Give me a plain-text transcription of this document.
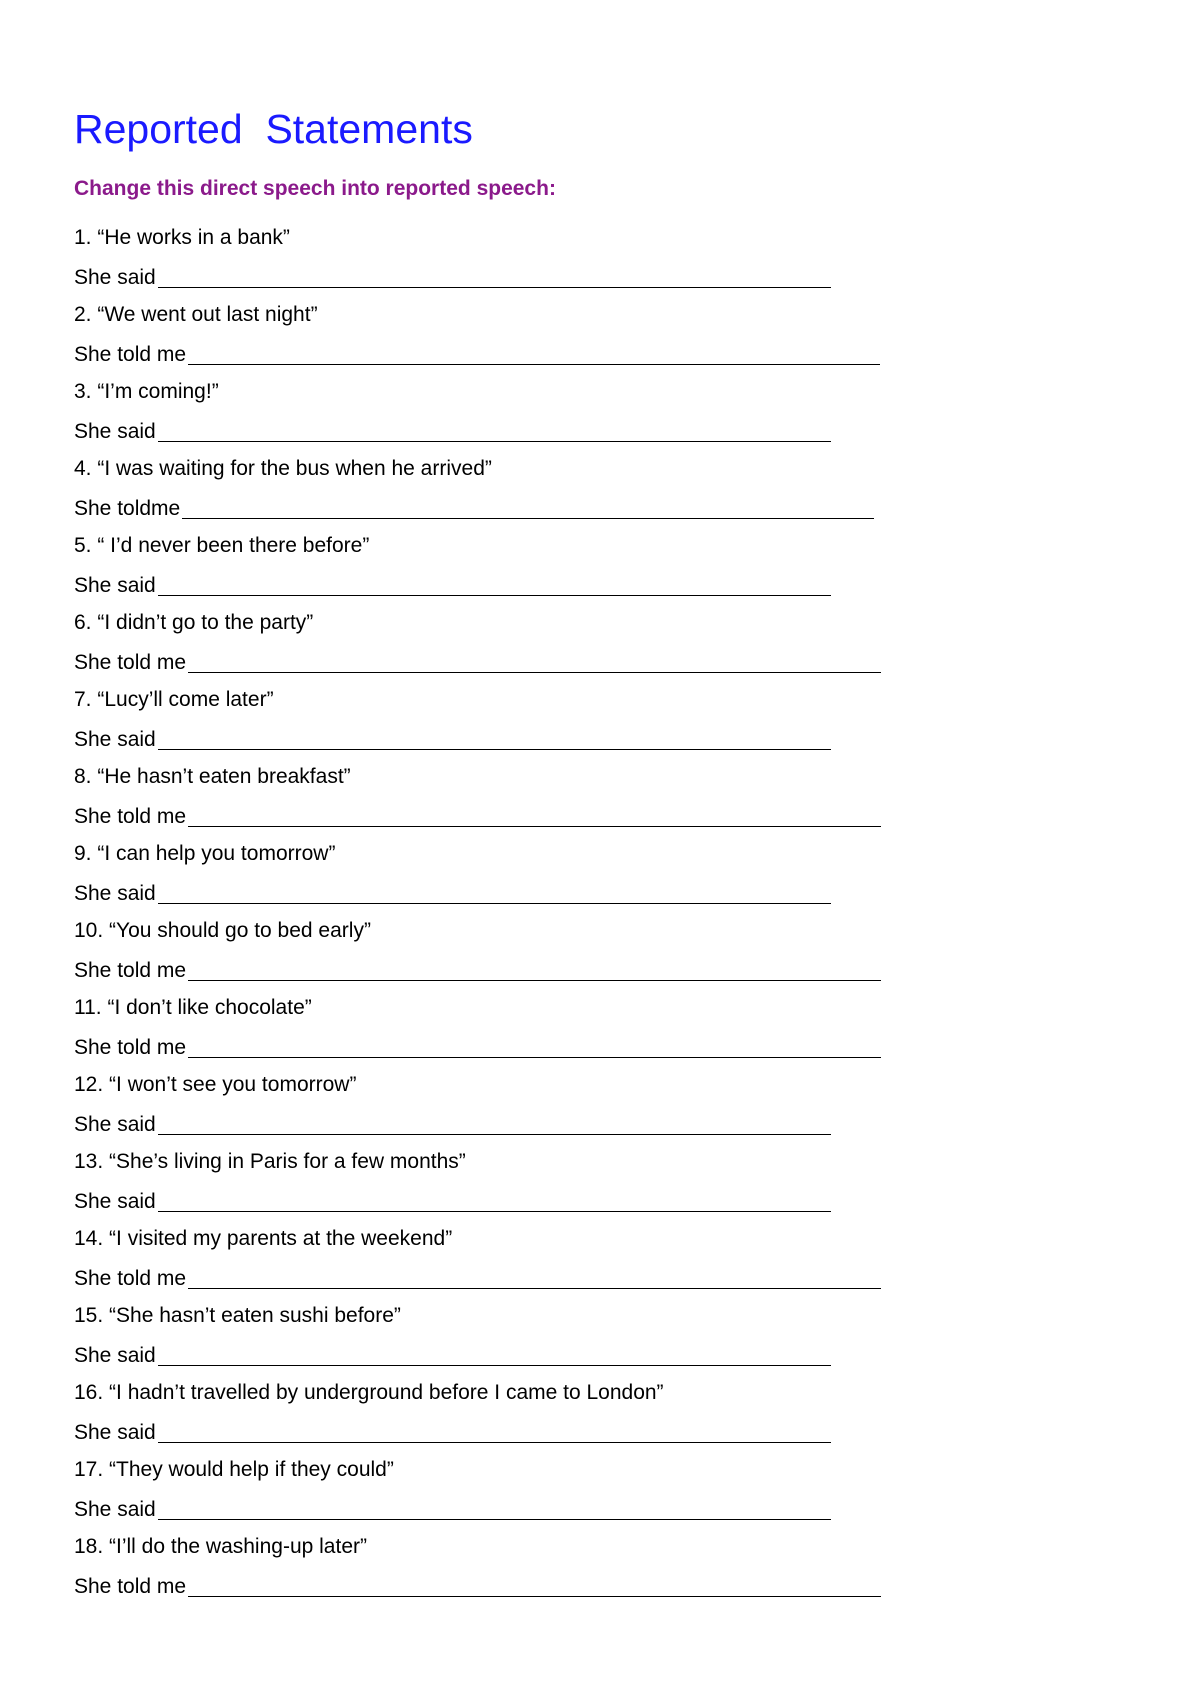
Reported  Statements

Change this direct speech into reported speech:

1. “He works in a bank”
She said
2. “We went out last night”
She told me
3. “I’m coming!”
She said
4. “I was waiting for the bus when he arrived”
She toldme
5. “ I’d never been there before”
She said
6. “I didn’t go to the party”
She told me
7. “Lucy’ll come later”
She said
8. “He hasn’t eaten breakfast”
She told me
9. “I can help you tomorrow”
She said
10. “You should go to bed early”
She told me
11. “I don’t like chocolate”
She told me
12. “I won’t see you tomorrow”
She said
13. “She’s living in Paris for a few months”
She said
14. “I visited my parents at the weekend”
She told me
15. “She hasn’t eaten sushi before”
She said
16. “I hadn’t travelled by underground before I came to London”
She said
17. “They would help if they could”
She said
18. “I’ll do the washing-up later”
She told me
